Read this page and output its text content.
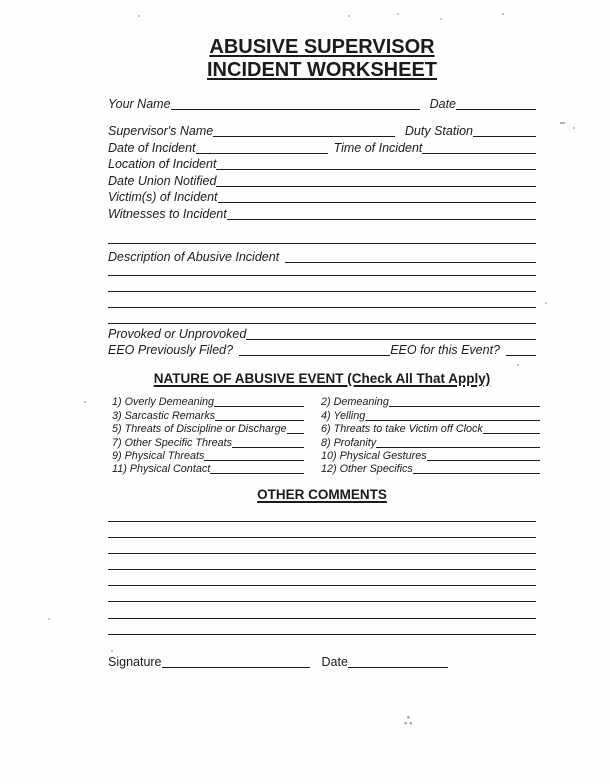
ABUSIVE SUPERVISOR
INCIDENT WORKSHEET
Your Name	Date
Supervisor's Name	Duty Station
Date of Incident	Time of Incident
Location of Incident
Date Union Notified
Victim(s) of Incident
Witnesses to Incident
Description of Abusive Incident
Provoked or Unprovoked
EEO Previously Filed?	EEO for this Event?
NATURE OF ABUSIVE EVENT (Check All That Apply)
1) Overly Demeaning	2) Demeaning
3) Sarcastic Remarks	4) Yelling
5) Threats of Discipline or Discharge	6) Threats to take Victim off Clock
7) Other Specific Threats	8) Profanity
9) Physical Threats	10) Physical Gestures
11) Physical Contact	12) Other Specifics
OTHER COMMENTS
Signature	Date
